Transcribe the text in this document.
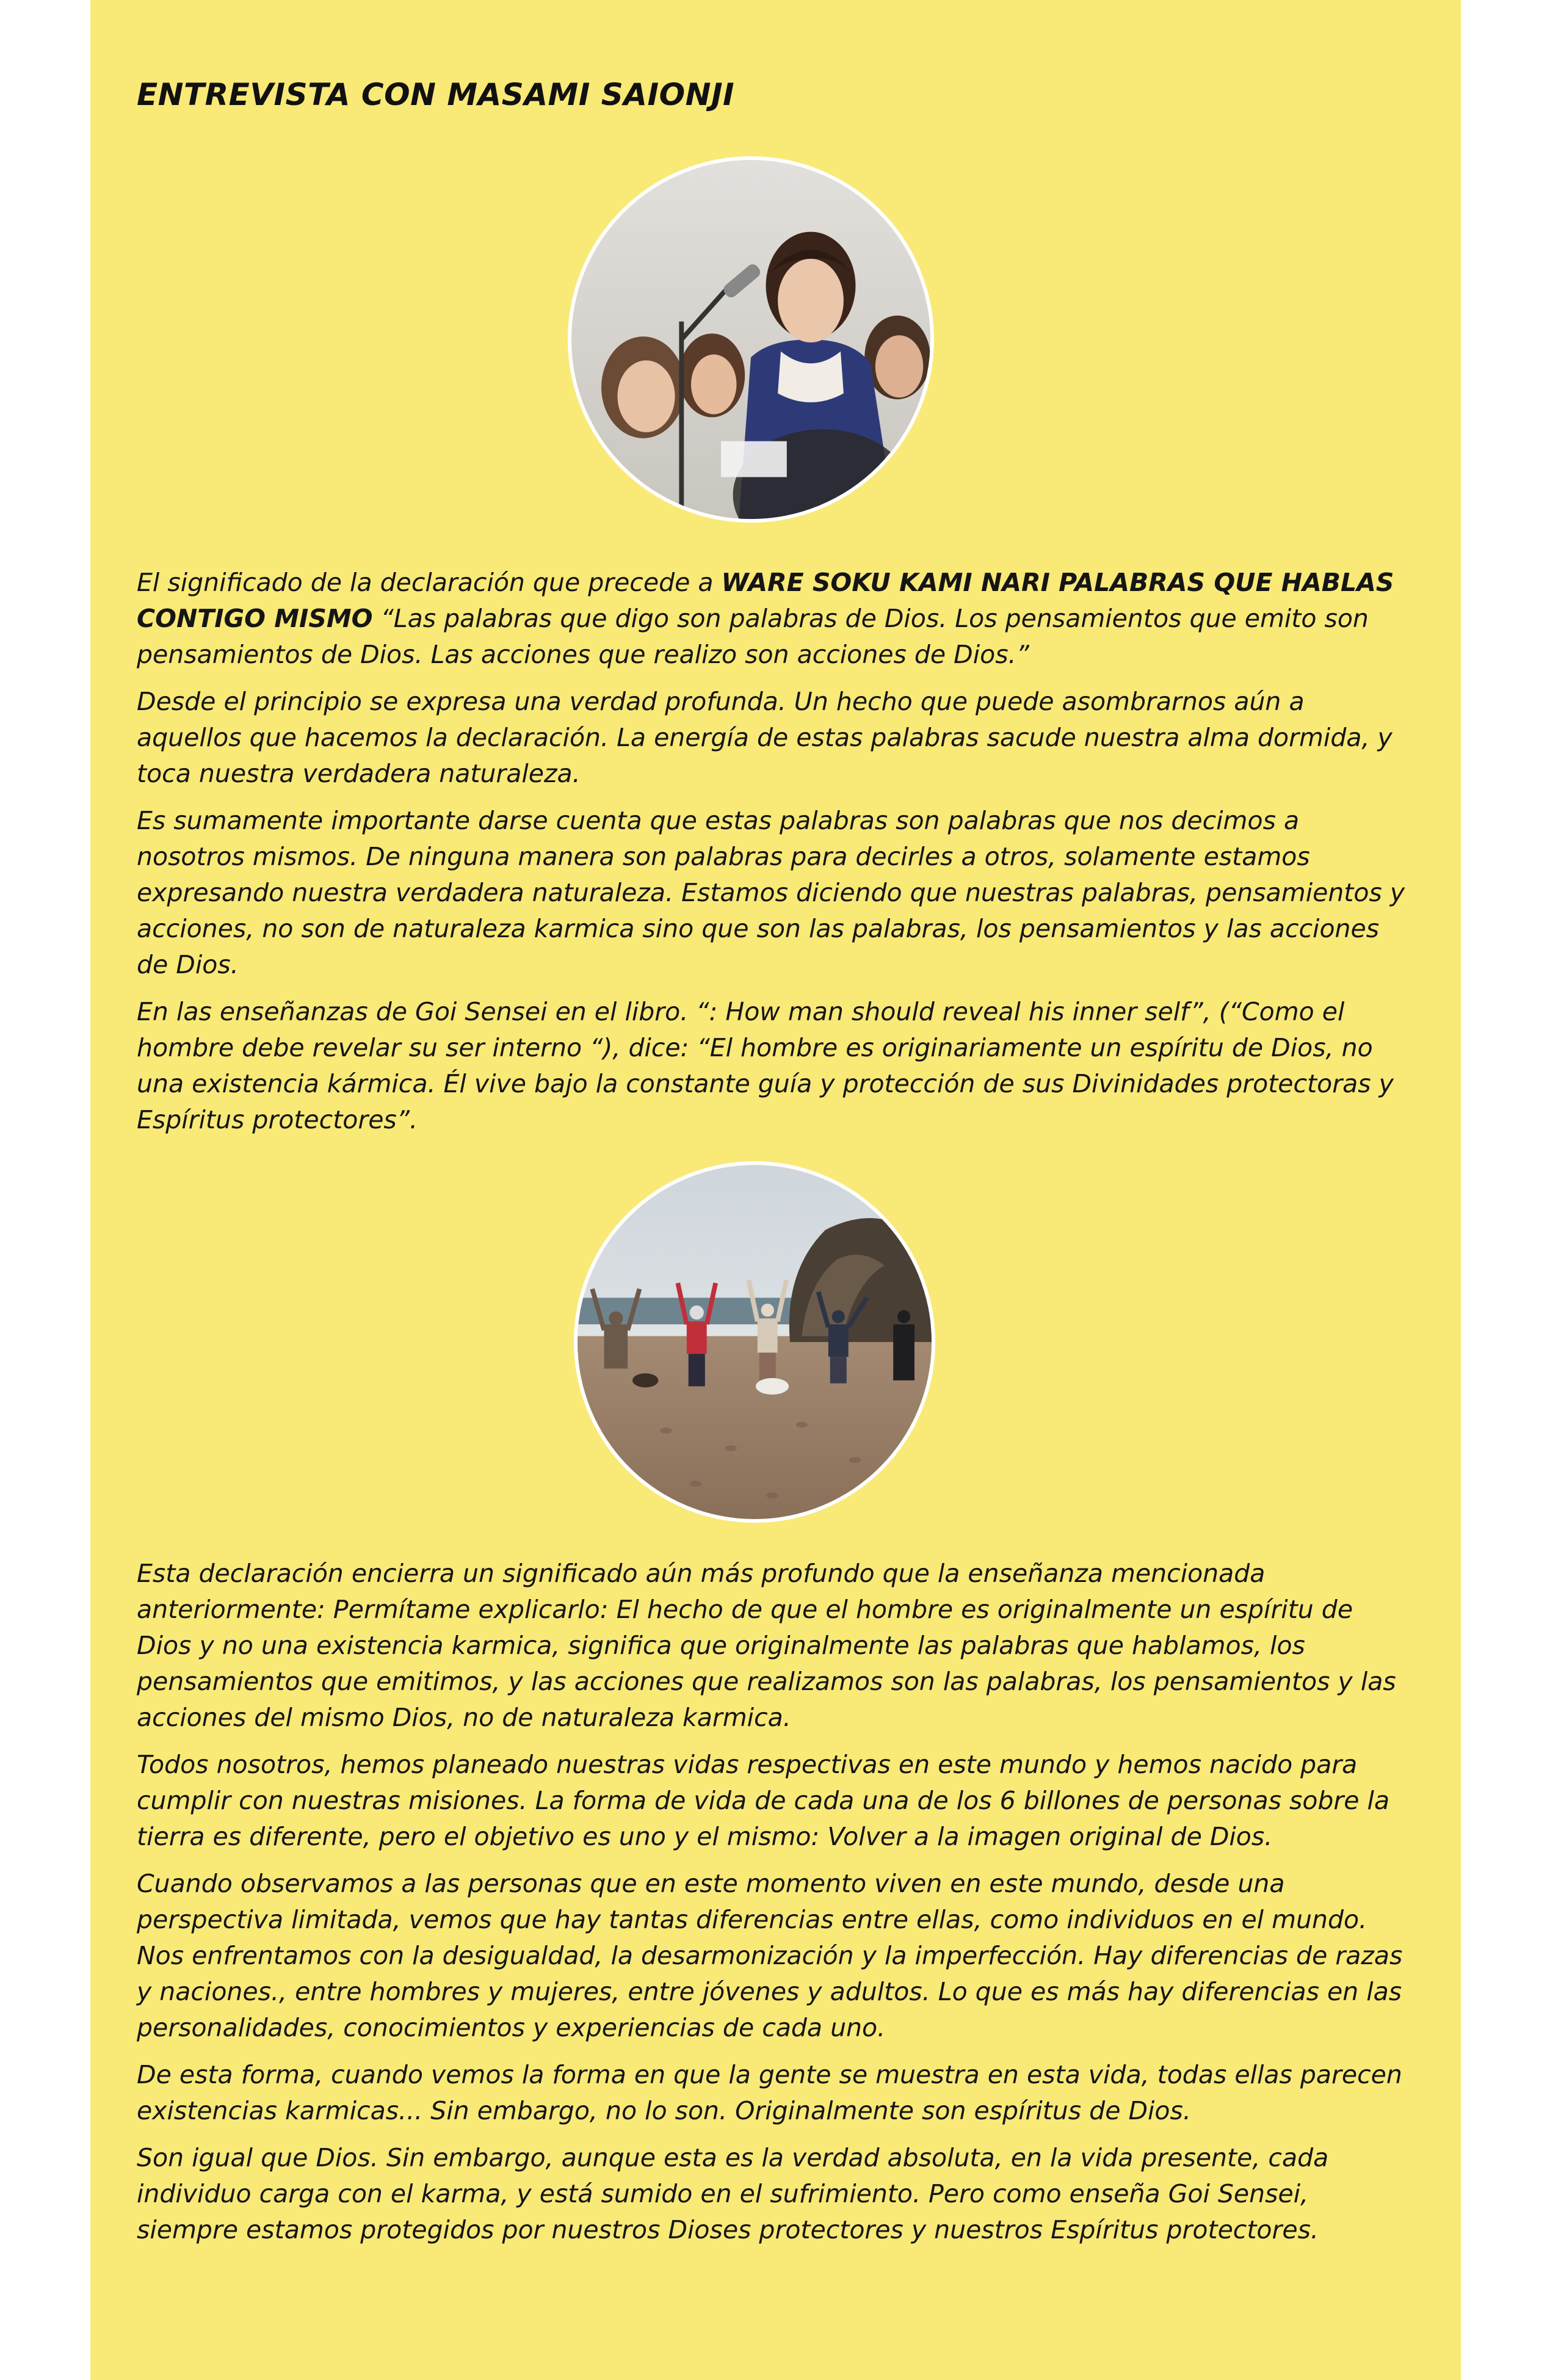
ENTREVISTA CON MASAMI SAIONJI

El significado de la declaración que precede a WARE SOKU KAMI NARI PALABRAS QUE HABLAS CONTIGO MISMO “Las palabras que digo son palabras de Dios. Los pensamientos que emito son pensamientos de Dios. Las acciones que realizo son acciones de Dios.”

Desde el principio se expresa una verdad profunda. Un hecho que puede asombrarnos aún a aquellos que hacemos la declaración. La energía de estas palabras sacude nuestra alma dormida, y toca nuestra verdadera naturaleza.

Es sumamente importante darse cuenta que estas palabras son palabras que nos decimos a nosotros mismos. De ninguna manera son palabras para decirles a otros, solamente estamos expresando nuestra verdadera naturaleza. Estamos diciendo que nuestras palabras, pensamientos y acciones, no son de naturaleza karmica sino que son las palabras, los pensamientos y las acciones de Dios.

En las enseñanzas de Goi Sensei en el libro. “: How man should reveal his inner self”, (“Como el hombre debe revelar su ser interno “), dice: “El hombre es originariamente un espíritu de Dios, no una existencia kármica. Él vive bajo la constante guía y protección de sus Divinidades protectoras y Espíritus protectores”.

Esta declaración encierra un significado aún más profundo que la enseñanza mencionada anteriormente: Permítame explicarlo: El hecho de que el hombre es originalmente un espíritu de Dios y no una existencia karmica, significa que originalmente las palabras que hablamos, los pensamientos que emitimos, y las acciones que realizamos son las palabras, los pensamientos y las acciones del mismo Dios, no de naturaleza karmica.

Todos nosotros, hemos planeado nuestras vidas respectivas en este mundo y hemos nacido para cumplir con nuestras misiones. La forma de vida de cada una de los 6 billones de personas sobre la tierra es diferente, pero el objetivo es uno y el mismo: Volver a la imagen original de Dios.

Cuando observamos a las personas que en este momento viven en este mundo, desde una perspectiva limitada, vemos que hay tantas diferencias entre ellas, como individuos en el mundo. Nos enfrentamos con la desigualdad, la desarmonización y la imperfección. Hay diferencias de razas y naciones., entre hombres y mujeres, entre jóvenes y adultos. Lo que es más hay diferencias en las personalidades, conocimientos y experiencias de cada uno.

De esta forma, cuando vemos la forma en que la gente se muestra en esta vida, todas ellas parecen existencias karmicas... Sin embargo, no lo son. Originalmente son espíritus de Dios.

Son igual que Dios. Sin embargo, aunque esta es la verdad absoluta, en la vida presente, cada individuo carga con el karma, y está sumido en el sufrimiento. Pero como enseña Goi Sensei, siempre estamos protegidos por nuestros Dioses protectores y nuestros Espíritus protectores.
